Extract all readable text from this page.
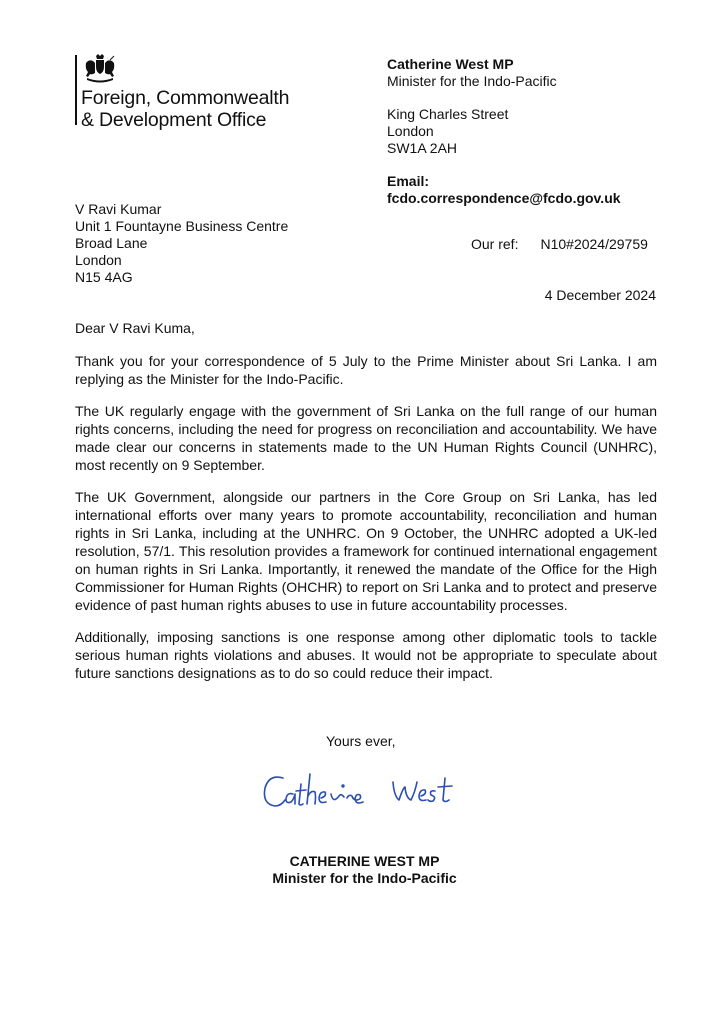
Foreign, Commonwealth
& Development Office
Catherine West MP
Minister for the Indo-Pacific
King Charles Street
London
SW1A 2AH
Email:
fcdo.correspondence@fcdo.gov.uk
V Ravi Kumar
Unit 1 Fountayne Business Centre
Broad Lane
London
N15 4AG
Our ref: N10#2024/29759
4 December 2024

Dear V Ravi Kuma,

Thank you for your correspondence of 5 July to the Prime Minister about Sri Lanka. I am replying as the Minister for the Indo-Pacific.

The UK regularly engage with the government of Sri Lanka on the full range of our human rights concerns, including the need for progress on reconciliation and accountability. We have made clear our concerns in statements made to the UN Human Rights Council (UNHRC), most recently on 9 September.

The UK Government, alongside our partners in the Core Group on Sri Lanka, has led international efforts over many years to promote accountability, reconciliation and human rights in Sri Lanka, including at the UNHRC. On 9 October, the UNHRC adopted a UK-led resolution, 57/1. This resolution provides a framework for continued international engagement on human rights in Sri Lanka. Importantly, it renewed the mandate of the Office for the High Commissioner for Human Rights (OHCHR) to report on Sri Lanka and to protect and preserve evidence of past human rights abuses to use in future accountability processes.

Additionally, imposing sanctions is one response among other diplomatic tools to tackle serious human rights violations and abuses. It would not be appropriate to speculate about future sanctions designations as to do so could reduce their impact.

Yours ever,
CATHERINE WEST MP
Minister for the Indo-Pacific
